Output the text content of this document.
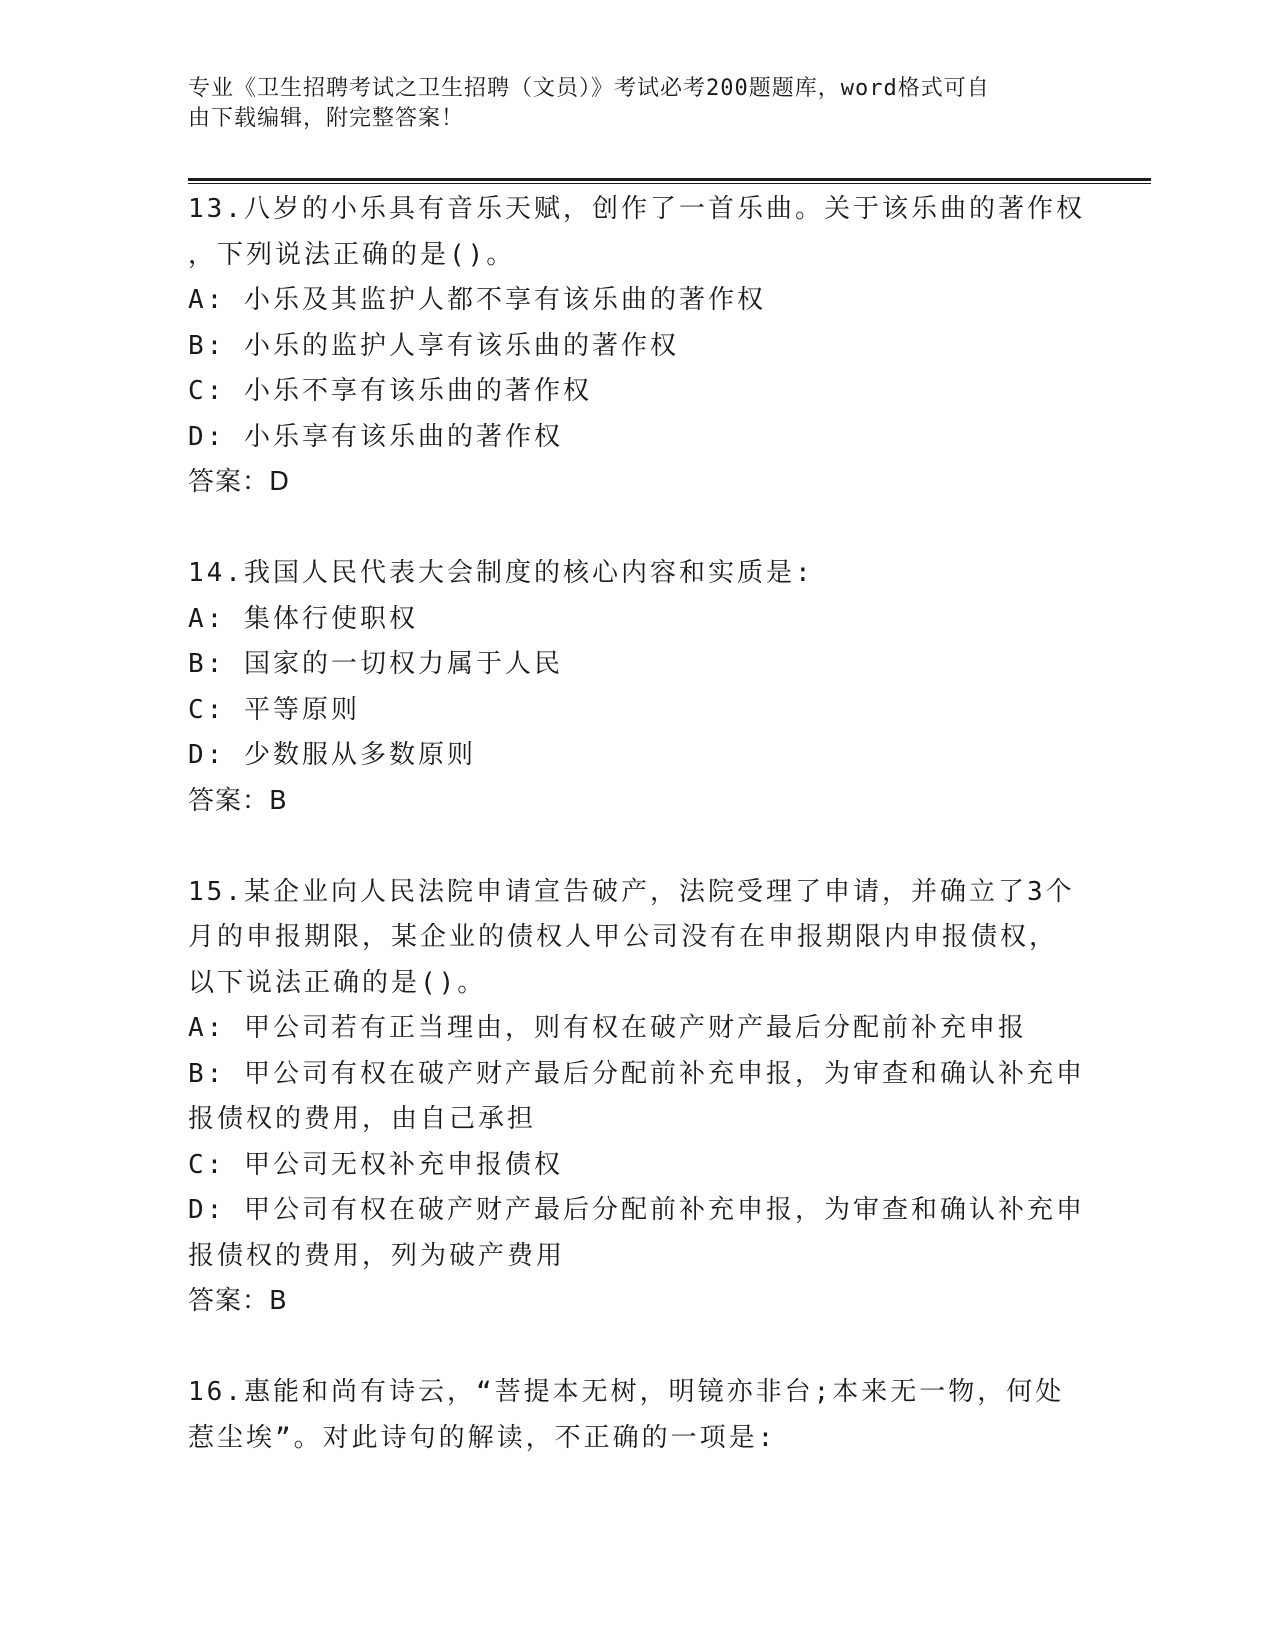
专业《卫生招聘考试之卫生招聘（文员）》考试必考200题题库，word格式可自
由下载编辑，附完整答案！
13.八岁的小乐具有音乐天赋，创作了一首乐曲。关于该乐曲的著作权
，下列说法正确的是()。
A: 小乐及其监护人都不享有该乐曲的著作权
B: 小乐的监护人享有该乐曲的著作权
C: 小乐不享有该乐曲的著作权
D: 小乐享有该乐曲的著作权
答案：D
14.我国人民代表大会制度的核心内容和实质是:
A: 集体行使职权
B: 国家的一切权力属于人民
C: 平等原则
D: 少数服从多数原则
答案：B
15.某企业向人民法院申请宣告破产，法院受理了申请，并确立了3个
月的申报期限，某企业的债权人甲公司没有在申报期限内申报债权，
以下说法正确的是()。
A: 甲公司若有正当理由，则有权在破产财产最后分配前补充申报
B: 甲公司有权在破产财产最后分配前补充申报，为审查和确认补充申
报债权的费用，由自己承担
C: 甲公司无权补充申报债权
D: 甲公司有权在破产财产最后分配前补充申报，为审查和确认补充申
报债权的费用，列为破产费用
答案：B
16.惠能和尚有诗云，“菩提本无树，明镜亦非台;本来无一物，何处
惹尘埃”。对此诗句的解读，不正确的一项是:
